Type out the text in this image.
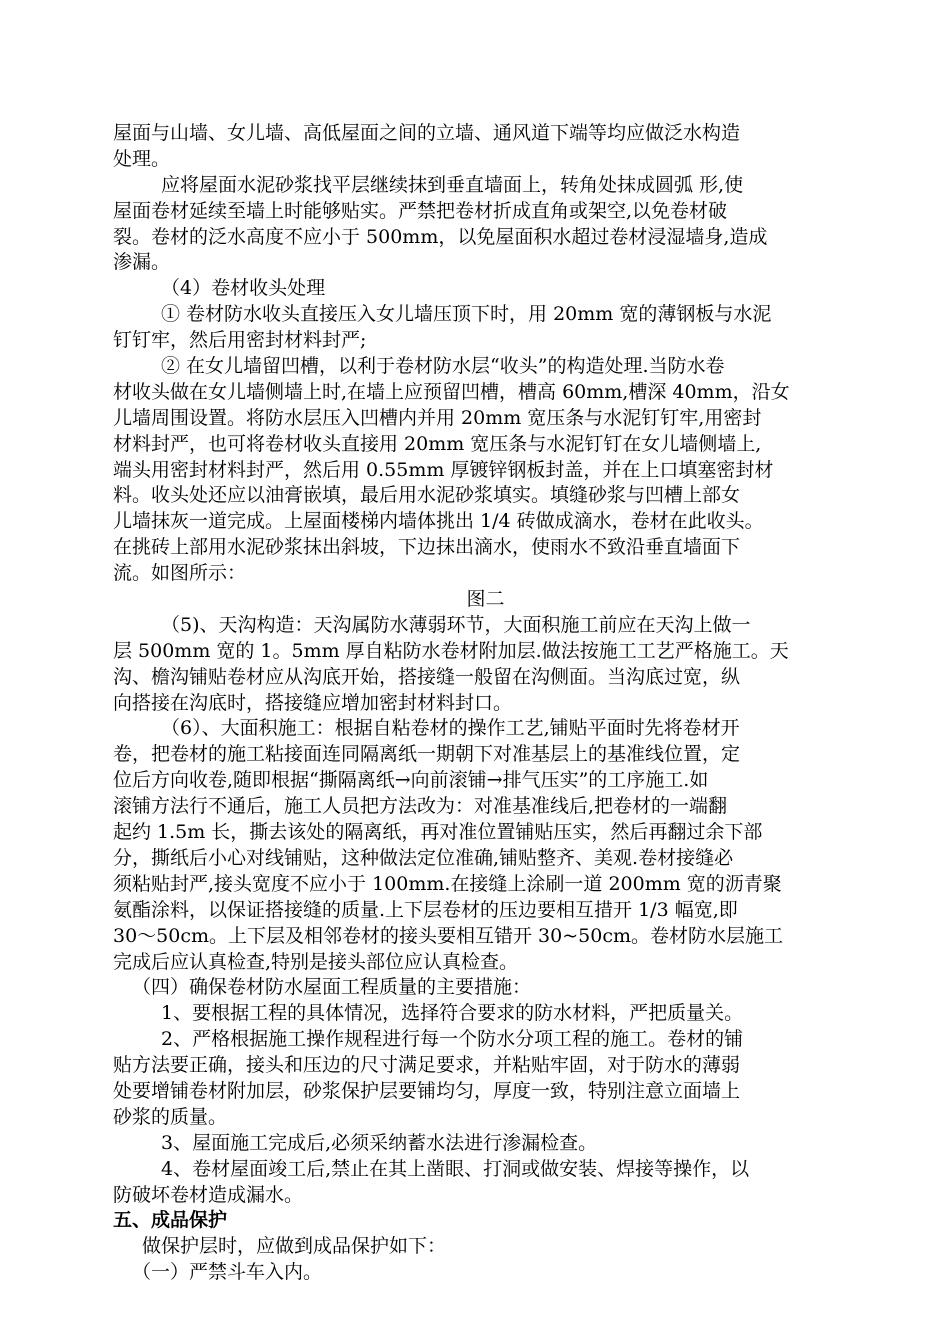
屋面与山墙、女儿墙、高低屋面之间的立墙、通风道下端等均应做泛水构造
处理。
应将屋面水泥砂浆找平层继续抹到垂直墙面上，转角处抹成圆弧 形,使
屋面卷材延续至墙上时能够贴实。严禁把卷材折成直角或架空,以免卷材破
裂。卷材的泛水高度不应小于 500mm，以免屋面积水超过卷材浸湿墙身,造成
渗漏。
（4）卷材收头处理
① 卷材防水收头直接压入女儿墙压顶下时，用 20mm 宽的薄钢板与水泥
钉钉牢，然后用密封材料封严;
② 在女儿墙留凹槽，以利于卷材防水层“收头”的构造处理.当防水卷
材收头做在女儿墙侧墙上时,在墙上应预留凹槽，槽高 60mm,槽深 40mm，沿女
儿墙周围设置。将防水层压入凹槽内并用 20mm 宽压条与水泥钉钉牢,用密封
材料封严，也可将卷材收头直接用 20mm 宽压条与水泥钉钉在女儿墙侧墙上,
端头用密封材料封严，然后用 0.55mm 厚镀锌钢板封盖，并在上口填塞密封材
料。收头处还应以油膏嵌填，最后用水泥砂浆填实。填缝砂浆与凹槽上部女
儿墙抹灰一道完成。上屋面楼梯内墙体挑出 1/4 砖做成滴水，卷材在此收头。
在挑砖上部用水泥砂浆抹出斜坡，下边抹出滴水，使雨水不致沿垂直墙面下
流。如图所示：
图二
（5)、天沟构造：天沟属防水薄弱环节，大面积施工前应在天沟上做一
层 500mm 宽的 1。5mm 厚自粘防水卷材附加层.做法按施工工艺严格施工。天
沟、檐沟铺贴卷材应从沟底开始，搭接缝一般留在沟侧面。当沟底过宽，纵
向搭接在沟底时，搭接缝应增加密封材料封口。
（6）、大面积施工：根据自粘卷材的操作工艺,铺贴平面时先将卷材开
卷，把卷材的施工粘接面连同隔离纸一期朝下对准基层上的基准线位置，定
位后方向收卷,随即根据“撕隔离纸→向前滚铺→排气压实”的工序施工.如
滚铺方法行不通后，施工人员把方法改为：对准基准线后,把卷材的一端翻
起约 1.5m 长，撕去该处的隔离纸，再对准位置铺贴压实，然后再翻过余下部
分，撕纸后小心对线铺贴，这种做法定位准确,铺贴整齐、美观.卷材接缝必
须粘贴封严,接头宽度不应小于 100mm.在接缝上涂刷一道 200mm 宽的沥青聚
氨酯涂料，以保证搭接缝的质量.上下层卷材的压边要相互措开 1/3 幅宽,即
30～50cm。上下层及相邻卷材的接头要相互错开 30~50cm。卷材防水层施工
完成后应认真检查,特别是接头部位应认真检查。
（四）确保卷材防水屋面工程质量的主要措施：
1、要根据工程的具体情况，选择符合要求的防水材料，严把质量关。
2、严格根据施工操作规程进行每一个防水分项工程的施工。卷材的铺
贴方法要正确，接头和压边的尺寸满足要求，并粘贴牢固，对于防水的薄弱
处要增铺卷材附加层，砂浆保护层要铺均匀，厚度一致，特别注意立面墙上
砂浆的质量。
3、屋面施工完成后,必须采纳蓄水法进行渗漏检查。
4、卷材屋面竣工后,禁止在其上凿眼、打洞或做安装、焊接等操作，以
防破坏卷材造成漏水。
五、成品保护
做保护层时，应做到成品保护如下：
（一）严禁斗车入内。
